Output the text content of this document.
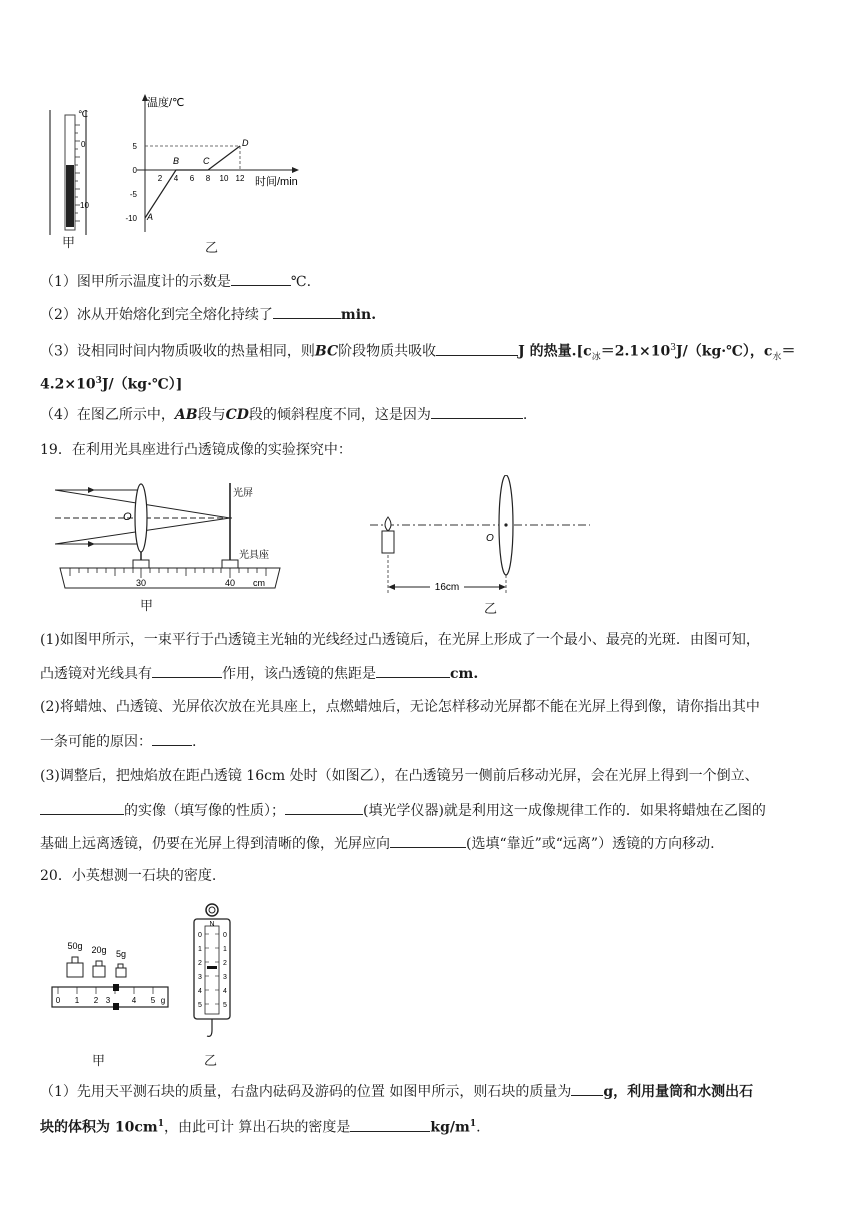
℃
0
10
甲
温度/℃
时间/min
5
0
-5
-10
2 4 6 8 10 12
A
B	C
D
乙
（1）图甲所示温度计的示数是	℃.
（2）冰从开始熔化到完全熔化持续了	min.
（3）设相同时间内物质吸收的热量相同，则BC阶段物质共吸收	J 的热量$.[c_冰=2.1\times 10^3J/(kg\cdot℃)$，$c_水=$
$4.2\times 10^3J/(kg\cdot℃)$]
（4）在图乙所示中，AB段与CD段的倾斜程度不同，这是因为	.
19．在利用光具座进行凸透镜成像的实验探究中：
光屏
O
光具座
30	40 cm
甲
O
16cm
乙
(1)如图甲所示，一束平行于凸透镜主光轴的光线经过凸透镜后，在光屏上形成了一个最小、最亮的光斑．由图可知，
凸透镜对光线具有	作用，该凸透镜的焦距是	cm.
(2)将蜡烛、凸透镜、光屏依次放在光具座上，点燃蜡烛后，无论怎样移动光屏都不能在光屏上得到像，请你指出其中
一条可能的原因：	.
(3)调整后，把烛焰放在距凸透镜 16cm 处时（如图乙），在凸透镜另一侧前后移动光屏，会在光屏上得到一个倒立、
的实像（填写像的性质）；	(填光学仪器)就是利用这一成像规律工作的．如果将蜡烛在乙图的
基础上远离透镜，仍要在光屏上得到清晰的像，光屏应向	(选填“靠近”或“远离”）透镜的方向移动.
20．小英想测一石块的密度.
50g 20g 5g
0 1 2 3	4 5 g
甲
N
0
1
2
3
4
5
0
1
2
3
4
5
乙
（1）先用天平测石块的质量，右盘内砝码及游码的位置 如图甲所示，则石块的质量为 g，利用量筒和水测出石
块的体积为 $10cm^1$，由此可计 算出石块的密度是	$kg/m^1$.
